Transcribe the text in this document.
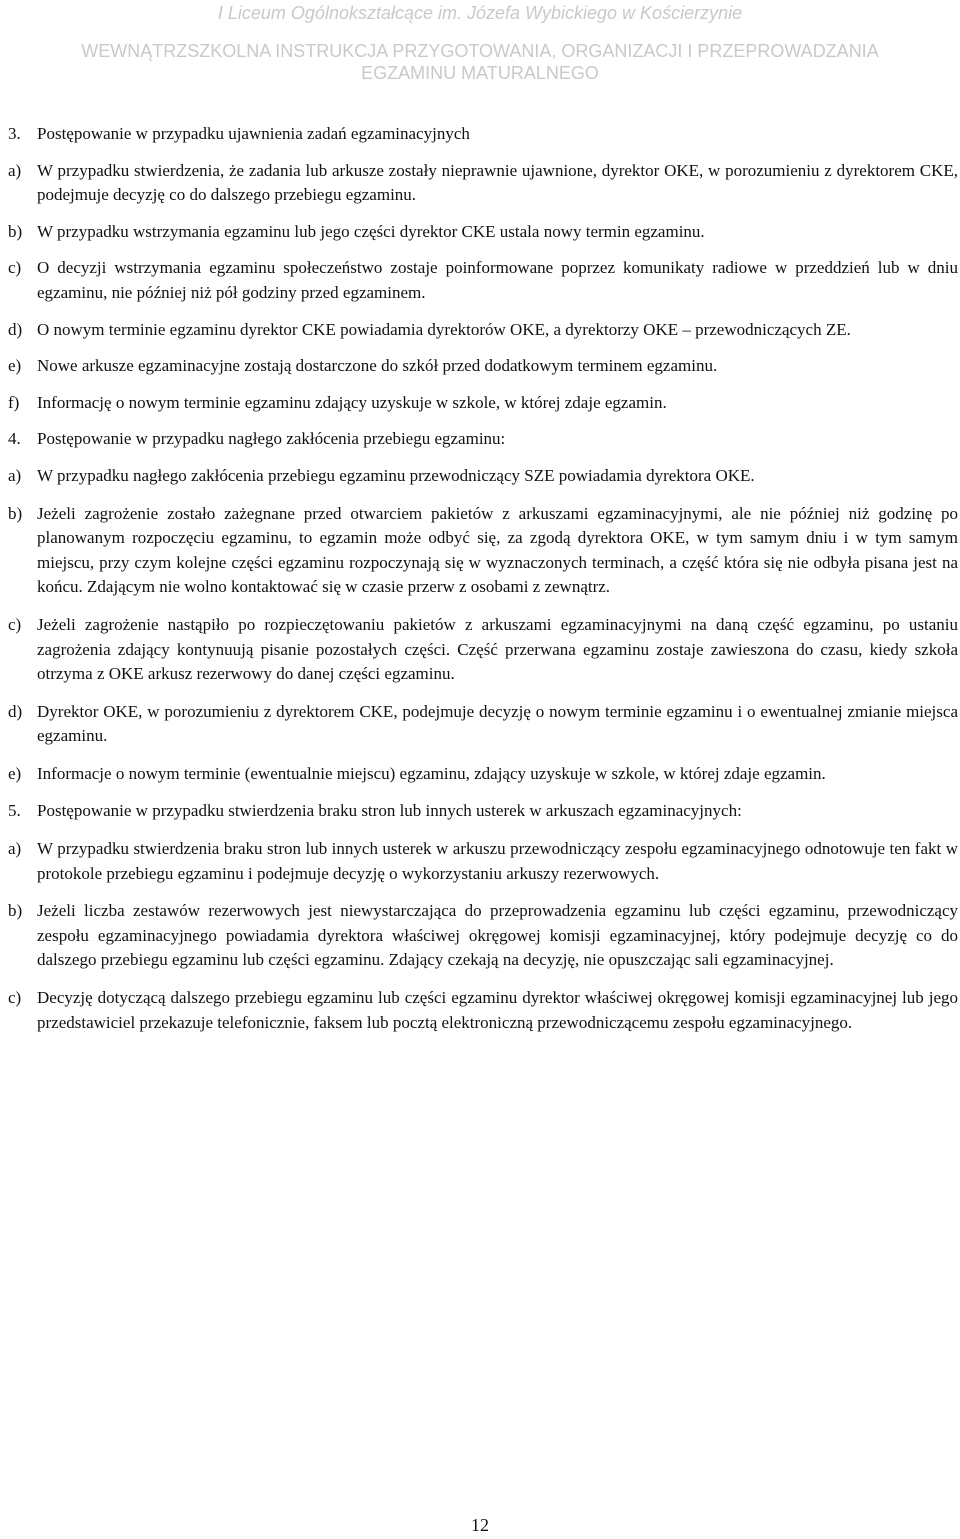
I Liceum Ogólnokształcące im. Józefa Wybickiego w Kościerzynie
WEWNĄTRZSZKOLNA INSTRUKCJA PRZYGOTOWANIA, ORGANIZACJI I PRZEPROWADZANIA
EGZAMINU MATURALNEGO
3. Postępowanie w przypadku ujawnienia zadań egzaminacyjnych
a) W przypadku stwierdzenia, że zadania lub arkusze zostały nieprawnie ujawnione, dyrektor OKE, w porozumieniu z dyrektorem CKE, podejmuje decyzję co do dalszego przebiegu egzaminu.
b) W przypadku wstrzymania egzaminu lub jego części dyrektor CKE ustala nowy termin egzaminu.
c) O decyzji wstrzymania egzaminu społeczeństwo zostaje poinformowane poprzez komunikaty radiowe w przeddzień lub w dniu egzaminu, nie później niż pół godziny przed egzaminem.
d) O nowym terminie egzaminu dyrektor CKE powiadamia dyrektorów OKE, a dyrektorzy OKE – przewodniczących ZE.
e) Nowe arkusze egzaminacyjne zostają dostarczone do szkół przed dodatkowym terminem egzaminu.
f) Informację o nowym terminie egzaminu zdający uzyskuje w szkole, w której zdaje egzamin.
4. Postępowanie w przypadku nagłego zakłócenia przebiegu egzaminu:
a) W przypadku nagłego zakłócenia przebiegu egzaminu przewodniczący SZE powiadamia dyrektora OKE.
b) Jeżeli zagrożenie zostało zażegnane przed otwarciem pakietów z arkuszami egzaminacyjnymi, ale nie później niż godzinę po planowanym rozpoczęciu egzaminu, to egzamin może odbyć się, za zgodą dyrektora OKE, w tym samym dniu i w tym samym miejscu, przy czym kolejne części egzaminu rozpoczynają się w wyznaczonych terminach, a część która się nie odbyła pisana jest na końcu. Zdającym nie wolno kontaktować się w czasie przerw z osobami z zewnątrz.
c) Jeżeli zagrożenie nastąpiło po rozpieczętowaniu pakietów z arkuszami egzaminacyjnymi na daną część egzaminu, po ustaniu zagrożenia zdający kontynuują pisanie pozostałych części. Część przerwana egzaminu zostaje zawieszona do czasu, kiedy szkoła otrzyma z OKE arkusz rezerwowy do danej części egzaminu.
d) Dyrektor OKE, w porozumieniu z dyrektorem CKE, podejmuje decyzję o nowym terminie egzaminu i o ewentualnej zmianie miejsca egzaminu.
e) Informacje o nowym terminie (ewentualnie miejscu) egzaminu, zdający uzyskuje w szkole, w której zdaje egzamin.
5. Postępowanie w przypadku stwierdzenia braku stron lub innych usterek w arkuszach egzaminacyjnych:
a) W przypadku stwierdzenia braku stron lub innych usterek w arkuszu przewodniczący zespołu egzaminacyjnego odnotowuje ten fakt w protokole przebiegu egzaminu i podejmuje decyzję o wykorzystaniu arkuszy rezerwowych.
b) Jeżeli liczba zestawów rezerwowych jest niewystarczająca do przeprowadzenia egzaminu lub części egzaminu, przewodniczący zespołu egzaminacyjnego powiadamia dyrektora właściwej okręgowej komisji egzaminacyjnej, który podejmuje decyzję co do dalszego przebiegu egzaminu lub części egzaminu. Zdający czekają na decyzję, nie opuszczając sali egzaminacyjnej.
c) Decyzję dotyczącą dalszego przebiegu egzaminu lub części egzaminu dyrektor właściwej okręgowej komisji egzaminacyjnej lub jego przedstawiciel przekazuje telefonicznie, faksem lub pocztą elektroniczną przewodniczącemu zespołu egzaminacyjnego.
12
